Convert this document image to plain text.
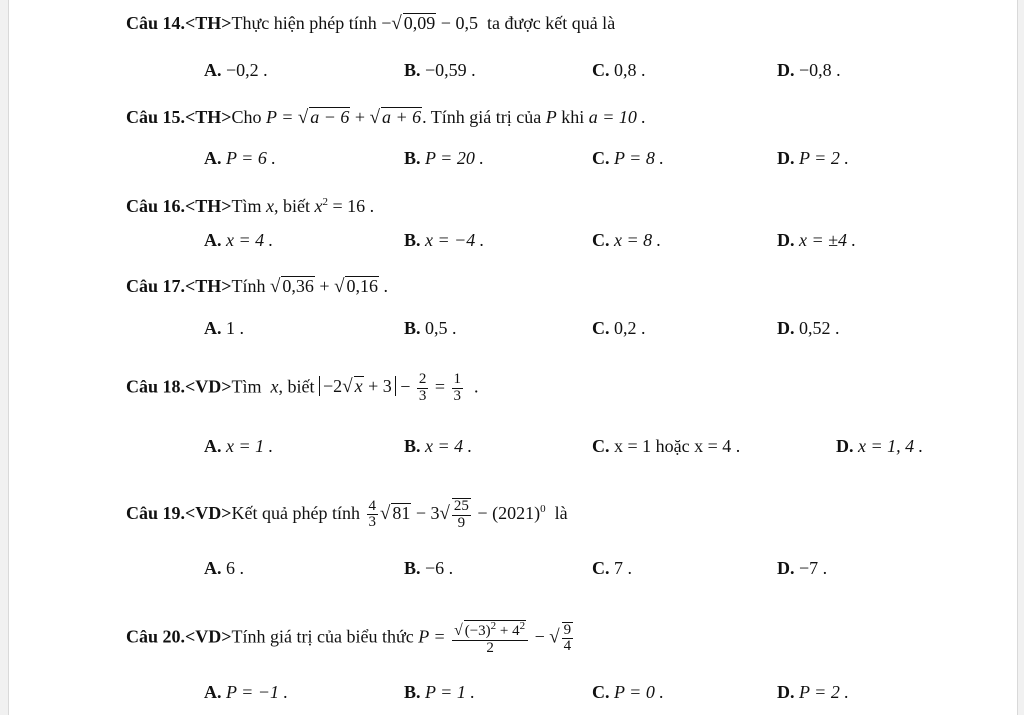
Câu 14.<TH>Thực hiện phép tính −√ 0,09 − 0,5 ta được kết quả là
A. −0,2 .	B. −0,59 .	C. 0,8 .	D. −0,8 .
Câu 15.<TH>Cho P = √ a − 6 + √ a + 6. Tính giá trị của P khi a = 10 .
A. P = 6 .	B. P = 20 .	C. P = 8 .	D. P = 2 .
Câu 16.<TH>Tìm x, biết $x^2 = 16$ .
A. x = 4 .	B. x = −4 .	C. x = 8 .	D. x = ±4 .
Câu 17.<TH>Tính √ 0,36 + √ 0,16 .
A. 1 .	B. 0,5 .	C. 0,2 .	D. 0,52 .
Câu 18.<VD>Tìm x, biết −2√ $x + 3 - \frac{2}{3} = \frac{1}{3}$ .
A. x = 1 .	B. x = 4 .	C. x = 1 hoặc x = 4 .	D. x = 1, 4 .
Câu 19.<VD>Kết quả phép tính $\frac{4}{3}$ √ $81 - 3√ \frac{25}{9} - (2021)^0$ là
A. 6 .	B. −6 .	C. 7 .	D. −7 .
Câu 20.<VD>Tính giá trị của biểu thức $P = \frac{√ (-3)^2 + 4^2}{2}$ − √ $\frac{9}{4}$
A. P = −1 .	B. P = 1 .	C. P = 0 .	D. P = 2 .
